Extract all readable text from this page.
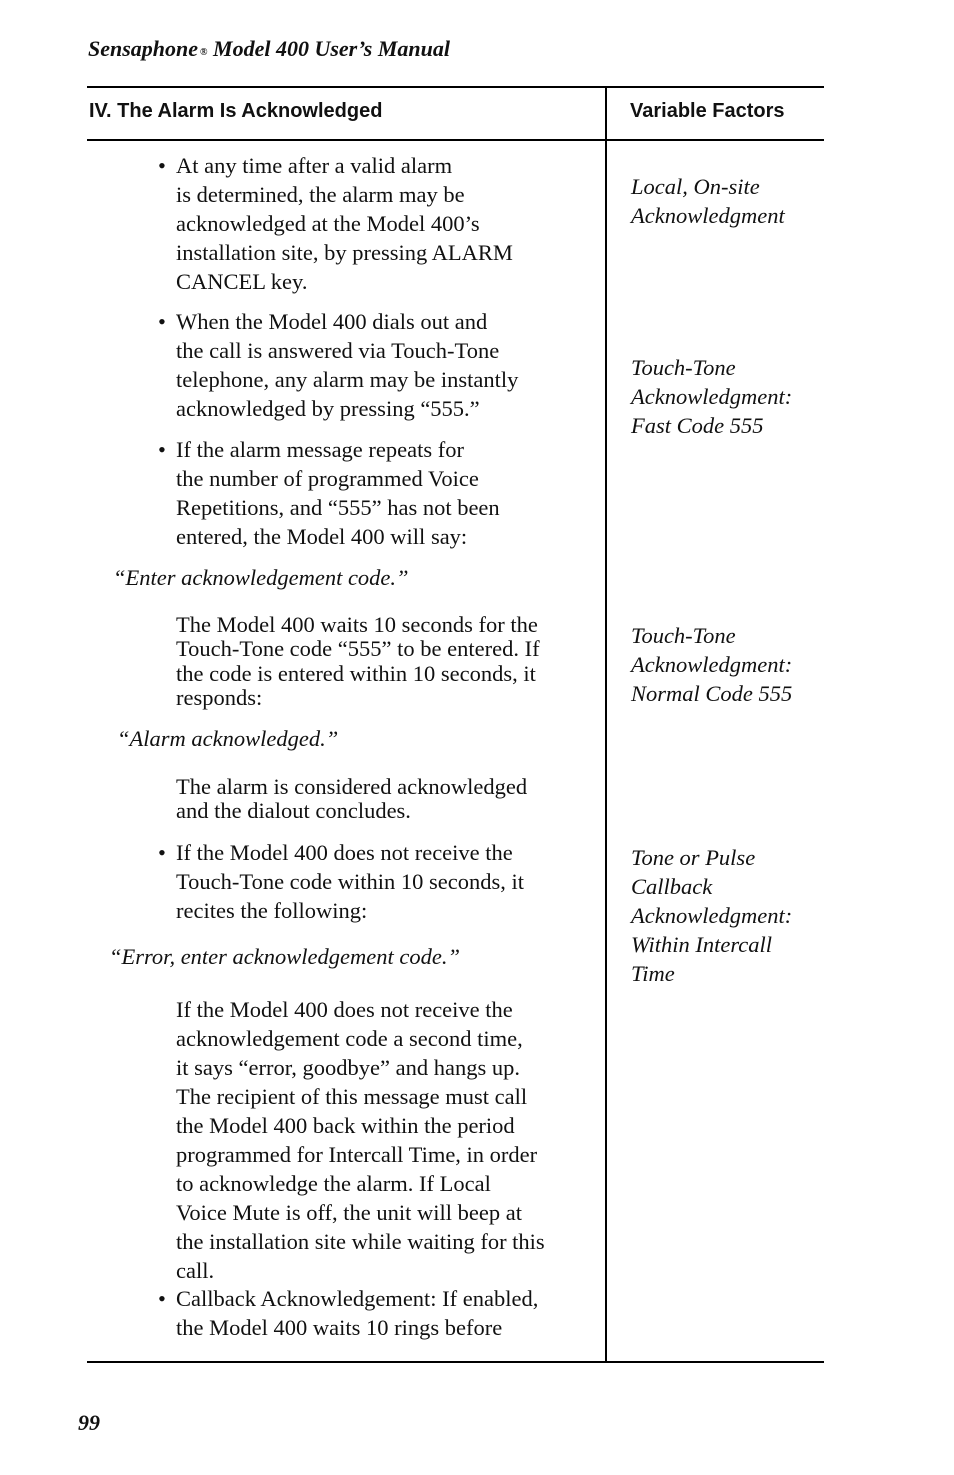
Sensaphone ® Model 400 User’s Manual
IV. The Alarm Is Acknowledged	Variable Factors
• At any time after a valid alarm
is determined, the alarm may be
acknowledged at the Model 400’s
installation site, by pressing ALARM
CANCEL key.
• When the Model 400 dials out and
the call is answered via Touch-Tone
telephone, any alarm may be instantly
acknowledged by pressing “555.”
• If the alarm message repeats for
the number of programmed Voice
Repetitions, and “555” has not been
entered, the Model 400 will say:
“Enter acknowledgement code.”
The Model 400 waits 10 seconds for the
Touch-Tone code “555” to be entered. If
the code is entered within 10 seconds, it
responds:
“Alarm acknowledged.”
The alarm is considered acknowledged
and the dialout concludes.
• If the Model 400 does not receive the
Touch-Tone code within 10 seconds, it
recites the following:
“Error, enter acknowledgement code.”
If the Model 400 does not receive the
acknowledgement code a second time,
it says “error, goodbye” and hangs up.
The recipient of this message must call
the Model 400 back within the period
programmed for Intercall Time, in order
to acknowledge the alarm. If Local
Voice Mute is off, the unit will beep at
the installation site while waiting for this
call.
• Callback Acknowledgement: If enabled,
the Model 400 waits 10 rings before
Local, On-site
Acknowledgment
Touch-Tone
Acknowledgment:
Fast Code 555
Touch-Tone
Acknowledgment:
Normal Code 555
Tone or Pulse
Callback
Acknowledgment:
Within Intercall
Time
99
